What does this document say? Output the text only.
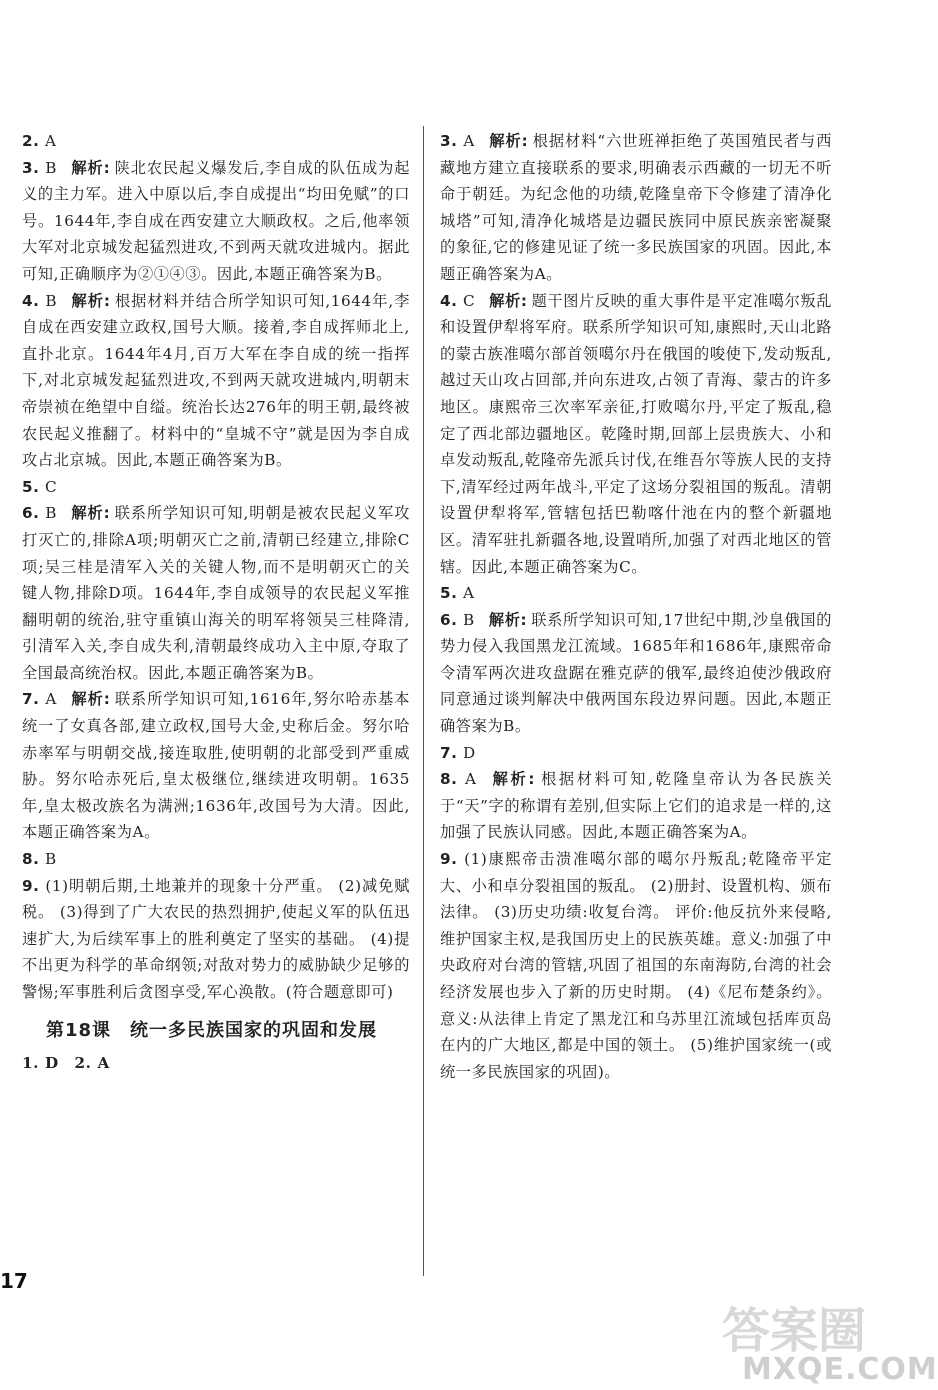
2. A

3. B 解析: 陕北农民起义爆发后,李自成的队伍成为起义的主力军。进入中原以后,李自成提出“均田免赋”的口号。1644年,李自成在西安建立大顺政权。之后,他率领大军对北京城发起猛烈进攻,不到两天就攻进城内。据此可知,正确顺序为②①④③。因此,本题正确答案为B。

4. B 解析: 根据材料并结合所学知识可知,1644年,李自成在西安建立政权,国号大顺。接着,李自成挥师北上,直扑北京。1644年4月,百万大军在李自成的统一指挥下,对北京城发起猛烈进攻,不到两天就攻进城内,明朝末帝崇祯在绝望中自缢。统治长达276年的明王朝,最终被农民起义推翻了。材料中的“皇城不守”就是因为李自成攻占北京城。因此,本题正确答案为B。

5. C

6. B 解析: 联系所学知识可知,明朝是被农民起义军攻打灭亡的,排除A项;明朝灭亡之前,清朝已经建立,排除C项;吴三桂是清军入关的关键人物,而不是明朝灭亡的关键人物,排除D项。1644年,李自成领导的农民起义军推翻明朝的统治,驻守重镇山海关的明军将领吴三桂降清,引清军入关,李自成失利,清朝最终成功入主中原,夺取了全国最高统治权。因此,本题正确答案为B。

7. A 解析: 联系所学知识可知,1616年,努尔哈赤基本统一了女真各部,建立政权,国号大金,史称后金。努尔哈赤率军与明朝交战,接连取胜,使明朝的北部受到严重威胁。努尔哈赤死后,皇太极继位,继续进攻明朝。1635年,皇太极改族名为满洲;1636年,改国号为大清。因此,本题正确答案为A。

8. B

9. (1)明朝后期,土地兼并的现象十分严重。 (2)减免赋税。 (3)得到了广大农民的热烈拥护,使起义军的队伍迅速扩大,为后续军事上的胜利奠定了坚实的基础。 (4)提不出更为科学的革命纲领;对敌对势力的威胁缺少足够的警惕;军事胜利后贪图享受,军心涣散。(符合题意即可)

第18课　统一多民族国家的巩固和发展

1. D　2. A

3. A 解析: 根据材料“六世班禅拒绝了英国殖民者与西藏地方建立直接联系的要求,明确表示西藏的一切无不听命于朝廷。为纪念他的功绩,乾隆皇帝下令修建了清净化城塔”可知,清净化城塔是边疆民族同中原民族亲密凝聚的象征,它的修建见证了统一多民族国家的巩固。因此,本题正确答案为A。

4. C 解析: 题干图片反映的重大事件是平定准噶尔叛乱和设置伊犁将军府。联系所学知识可知,康熙时,天山北路的蒙古族准噶尔部首领噶尔丹在俄国的唆使下,发动叛乱,越过天山攻占回部,并向东进攻,占领了青海、蒙古的许多地区。康熙帝三次率军亲征,打败噶尔丹,平定了叛乱,稳定了西北部边疆地区。乾隆时期,回部上层贵族大、小和卓发动叛乱,乾隆帝先派兵讨伐,在维吾尔等族人民的支持下,清军经过两年战斗,平定了这场分裂祖国的叛乱。清朝设置伊犁将军,管辖包括巴勒喀什池在内的整个新疆地区。清军驻扎新疆各地,设置哨所,加强了对西北地区的管辖。因此,本题正确答案为C。

5. A

6. B 解析: 联系所学知识可知,17世纪中期,沙皇俄国的势力侵入我国黑龙江流域。1685年和1686年,康熙帝命令清军两次进攻盘踞在雅克萨的俄军,最终迫使沙俄政府同意通过谈判解决中俄两国东段边界问题。因此,本题正确答案为B。

7. D

8. A 解析: 根据材料可知,乾隆皇帝认为各民族关于“天”字的称谓有差别,但实际上它们的追求是一样的,这加强了民族认同感。因此,本题正确答案为A。

9. (1)康熙帝击溃准噶尔部的噶尔丹叛乱;乾隆帝平定大、小和卓分裂祖国的叛乱。 (2)册封、设置机构、颁布法律。 (3)历史功绩:收复台湾。 评价:他反抗外来侵略,维护国家主权,是我国历史上的民族英雄。意义:加强了中央政府对台湾的管辖,巩固了祖国的东南海防,台湾的社会经济发展也步入了新的历史时期。 (4)《尼布楚条约》。 意义:从法律上肯定了黑龙江和乌苏里江流域包括库页岛在内的广大地区,都是中国的领土。 (5)维护国家统一(或统一多民族国家的巩固)。

17
答案圈
MXQE.COM
